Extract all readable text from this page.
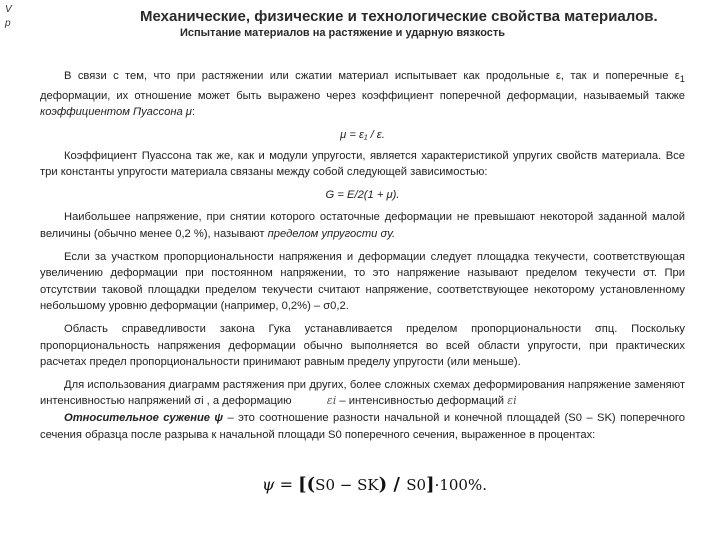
V
p	Механические, физические и технологические свойства материалов.
Испытание материалов на растяжение и ударную вязкость

В связи с тем, что при растяжении или сжатии материал испытывает как продольные ε, так и поперечные $\varepsilon_1$ деформации, их отношение может быть выражено через коэффициент поперечной деформации, называемый также коэффициентом Пуассона μ:

μ = ε₁ / ε.

Коэффициент Пуассона так же, как и модули упругости, является характеристикой упругих свойств материала. Все три константы упругости материала связаны между собой следующей зависимостью:

G = E/2(1 + μ).

Наибольшее напряжение, при снятии которого остаточные деформации не превышают некоторой заданной малой величины (обычно менее 0,2 %), называют пределом упругости σy.

Если за участком пропорциональности напряжения и деформации следует площадка текучести, соответствующая увеличению деформации при постоянном напряжении, то это напряжение называют пределом текучести σт. При отсутствии таковой площадки пределом текучести считают напряжение, соответствующее некоторому установленному небольшому уровню деформации (например, 0,2%) – σ0,2.

Область справедливости закона Гука устанавливается пределом пропорциональности σпц. Поскольку пропорциональность напряжения деформации обычно выполняется во всей области упругости, при практических расчетах предел пропорциональности принимают равным пределу упругости (или меньше).

Для использования диаграмм растяжения при других, более сложных схемах деформирования напряжение заменяют интенсивностью напряжений σi , а деформацию	εi – интенсивностью деформаций εi

Относительное сужение ψ – это соотношение разности начальной и конечной площадей (S0 – SK) поперечного сечения образца после разрыва к начальной площади S0 поперечного сечения, выраженное в процентах:

ψ = [(S0 − SK) / S0]·100%.
